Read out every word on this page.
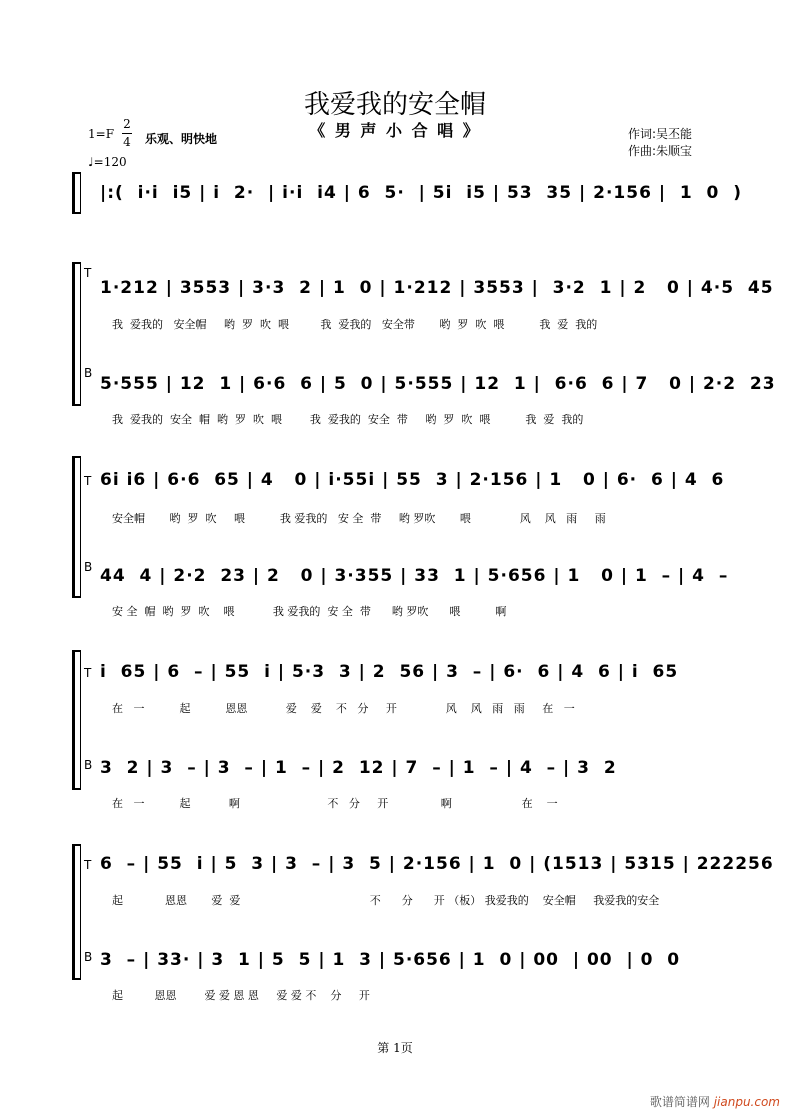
我爱我的安全帽
《 男 声 小 合 唱 》
1=F
2
4 乐观、明快地
♩=120
作词:吴丕能
作曲:朱顺宝
|:(  i·i  i5 | i  2·  | i·i  i4 | 6  5·  | 5i  i5 | 53  35 | 2·156 |  1  0  )
T
1·212 | 3553 | 3·3  2 | 1  0 | 1·212 | 3553 |  3·2  1 | 2   0 | 4·5  45
我  爱我的   安全帽     哟  罗  吹  喂         我  爱我的   安全带       哟  罗  吹  喂          我  爱  我的
B
5·555 | 12  1 | 6·6  6 | 5  0 | 5·555 | 12  1 |  6·6  6 | 7   0 | 2·2  23
我  爱我的  安全  帽  哟  罗  吹  喂        我  爱我的  安全  带     哟  罗  吹  喂          我  爱  我的
T 6i i6 | 6·6  65 | 4   0 | i·55i | 55  3 | 2·156 | 1   0 | 6·  6 | 4  6
安全帽       哟  罗  吹     喂          我 爱我的   安 全  带     哟 罗吹       喂              风    风   雨     雨
B 44  4 | 2·2  23 | 2   0 | 3·355 | 33  1 | 5·656 | 1   0 | 1  – | 4  –
安 全  帽  哟  罗  吹    喂           我 爱我的  安 全  带      哟 罗吹      喂          啊
T i  65 | 6  – | 55  i | 5·3  3 | 2  56 | 3  – | 6·  6 | 4  6 | i  65
在   一          起          恩恩           爱    爱    不   分     开              风    风   雨   雨     在   一
B 3  2 | 3  – | 3  – | 1  – | 2  12 | 7  – | 1  – | 4  – | 3  2
在   一          起           啊                         不   分     开               啊                    在    一
T 6  – | 55  i | 5  3 | 3  – | 3  5 | 2·156 | 1  0 | (1513 | 5315 | 222256
起            恩恩       爱  爱                                     不      分      开 （板） 我爱我的    安全帽     我爱我的安全
B 3  – | 33· | 3  1 | 5  5 | 1  3 | 5·656 | 1  0 | 00  | 00  | 0  0
起         恩恩        爱 爱 恩 恩     爱 爱 不    分     开
第 1页
歌谱简谱网 jianpu.com
